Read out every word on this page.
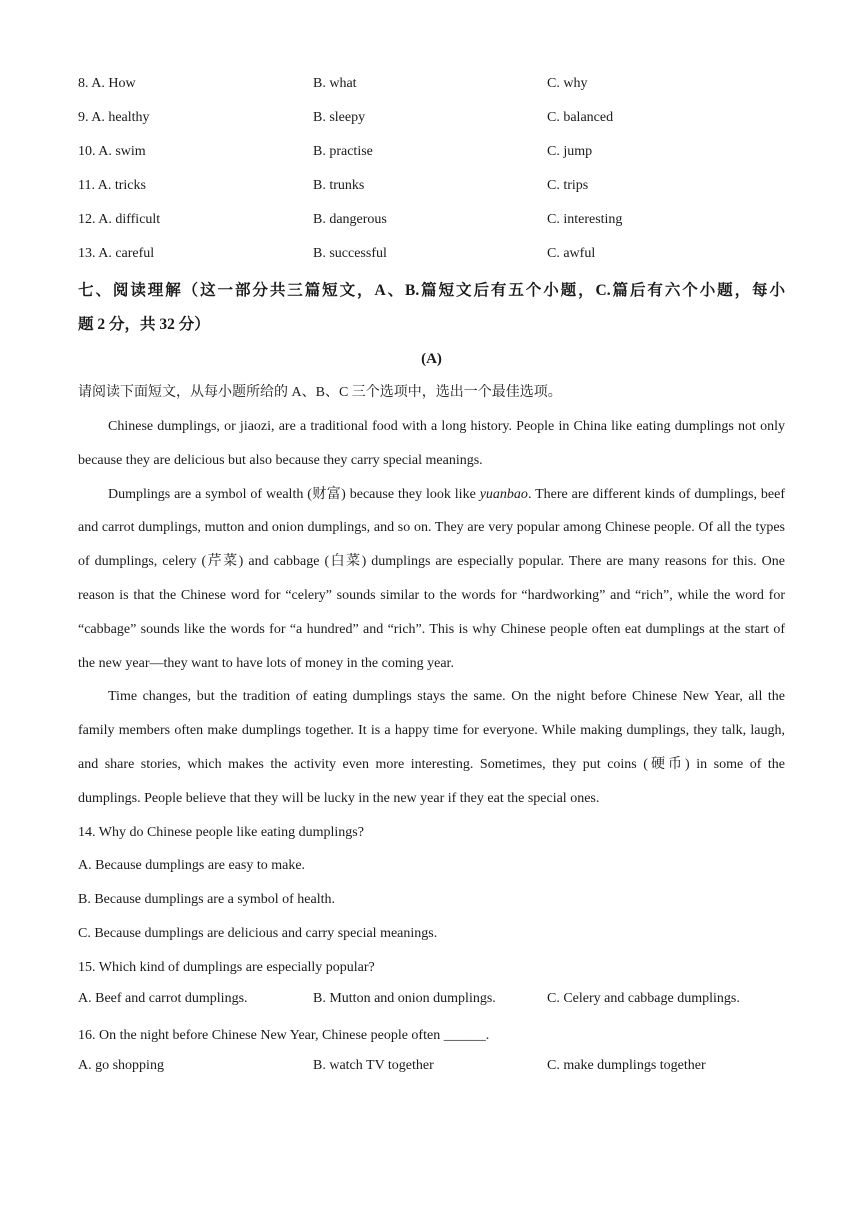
8. A. How	B. what	C. why
9. A. healthy	B. sleepy	C. balanced
10. A. swim	B. practise	C. jump
11. A. tricks	B. trunks	C. trips
12. A. difficult	B. dangerous	C. interesting
13. A. careful	B. successful	C. awful
七、阅读理解（这一部分共三篇短文，A、B.篇短文后有五个小题，C.篇后有六个小题，每小
题 2 分，共 32 分）
(A)
请阅读下面短文，从每小题所给的 A、B、C 三个选项中，选出一个最佳选项。

Chinese dumplings, or jiaozi, are a traditional food with a long history. People in China like eating dumplings not only because they are delicious but also because they carry special meanings.

Dumplings are a symbol of wealth (财富) because they look like yuanbao. There are different kinds of dumplings, beef and carrot dumplings, mutton and onion dumplings, and so on. They are very popular among Chinese people. Of all the types of dumplings, celery (芹菜) and cabbage (白菜) dumplings are especially popular. There are many reasons for this. One reason is that the Chinese word for “celery” sounds similar to the words for “hardworking” and “rich”, while the word for “cabbage” sounds like the words for “a hundred” and “rich”. This is why Chinese people often eat dumplings at the start of the new year—they want to have lots of money in the coming year.

Time changes, but the tradition of eating dumplings stays the same. On the night before Chinese New Year, all the family members often make dumplings together. It is a happy time for everyone. While making dumplings, they talk, laugh, and share stories, which makes the activity even more interesting. Sometimes, they put coins (硬币) in some of the dumplings. People believe that they will be lucky in the new year if they eat the special ones.

14. Why do Chinese people like eating dumplings?
A. Because dumplings are easy to make.
B. Because dumplings are a symbol of health.
C. Because dumplings are delicious and carry special meanings.
15. Which kind of dumplings are especially popular?
A. Beef and carrot dumplings.	B. Mutton and onion dumplings.	C. Celery and cabbage dumplings.
16. On the night before Chinese New Year, Chinese people often ______.
A. go shopping	B. watch TV together	C. make dumplings together
